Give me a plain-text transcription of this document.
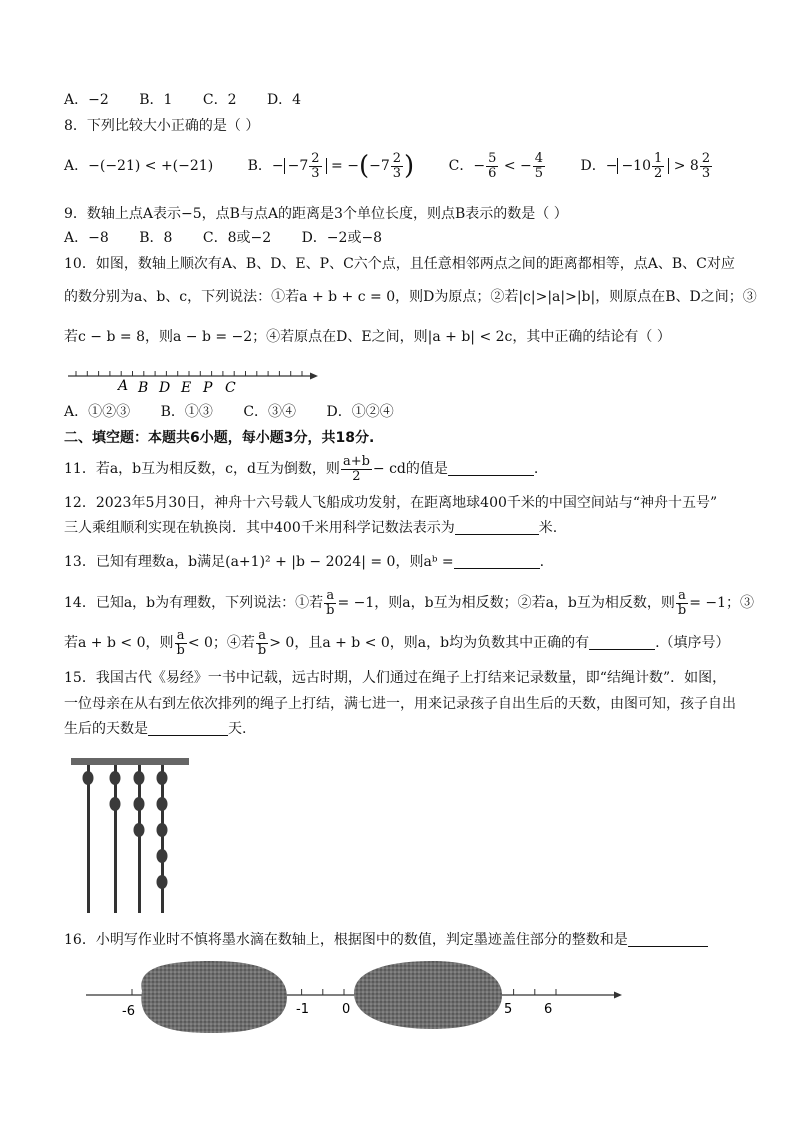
A．−2 B．1 C．2 D．4
8．下列比较大小正确的是（ ）
A．−(−21) < +(−21) B．− $-7 \frac{2}{3} = -(-7 \frac{2}{3}$ ) C．− $\frac{5}{6}$ < − $\frac{4}{5}$	D．− $-10 \frac{1}{2} > 8 \frac{2}{3}$
9．数轴上点A表示−5，点B与点A的距离是3个单位长度，则点B表示的数是（ ）
A．−8 B．8 C．8或−2 D．−2或−8
10．如图，数轴上顺次有A、B、D、E、P、C六个点，且任意相邻两点之间的距离都相等，点A、B、C对应
的数分别为a、b、c，下列说法：①若a + b + c = 0，则D为原点；②若|c|>|a|>|b|，则原点在B、D之间；③
若c − b = 8，则a − b = −2；④若原点在D、E之间，则|a + b| < 2c，其中正确的结论有（ ）
A B D E P C
A．①②③ B．①③ C．③④ D．①②④
二、填空题：本题共6小题，每小题3分，共18分.
11．若a，b互为相反数，c，d互为倒数，则 $\frac{a+b}{2}$ − cd的值是	.
12．2023年5月30日，神舟十六号载人飞船成功发射，在距离地球400千米的中国空间站与“神舟十五号”
三人乘组顺利实现在轨换岗．其中400千米用科学记数法表示为	米.
13．已知有理数a，b满足(a+1)² + |b − 2024| = 0，则aᵇ =	.
14．已知a，b为有理数，下列说法：①若 $\frac{a}{b} = -1$，则a，b互为相反数；②若a，b互为相反数，则 $\frac{a}{b} = -1$；③
若a + b < 0，则 $\frac{a}{b} < 0$；④若 $\frac{a}{b} > 0$，且a + b < 0，则a，b均为负数其中正确的有	.（填序号）
15．我国古代《易经》一书中记载，远古时期，人们通过在绳子上打结来记录数量，即“结绳计数”．如图，
一位母亲在从右到左依次排列的绳子上打结，满七进一，用来记录孩子自出生后的天数，由图可知，孩子自出
生后的天数是	天.
16．小明写作业时不慎将墨水滴在数轴上，根据图中的数值，判定墨迹盖住部分的整数和是
-6	-1	0	5 6
